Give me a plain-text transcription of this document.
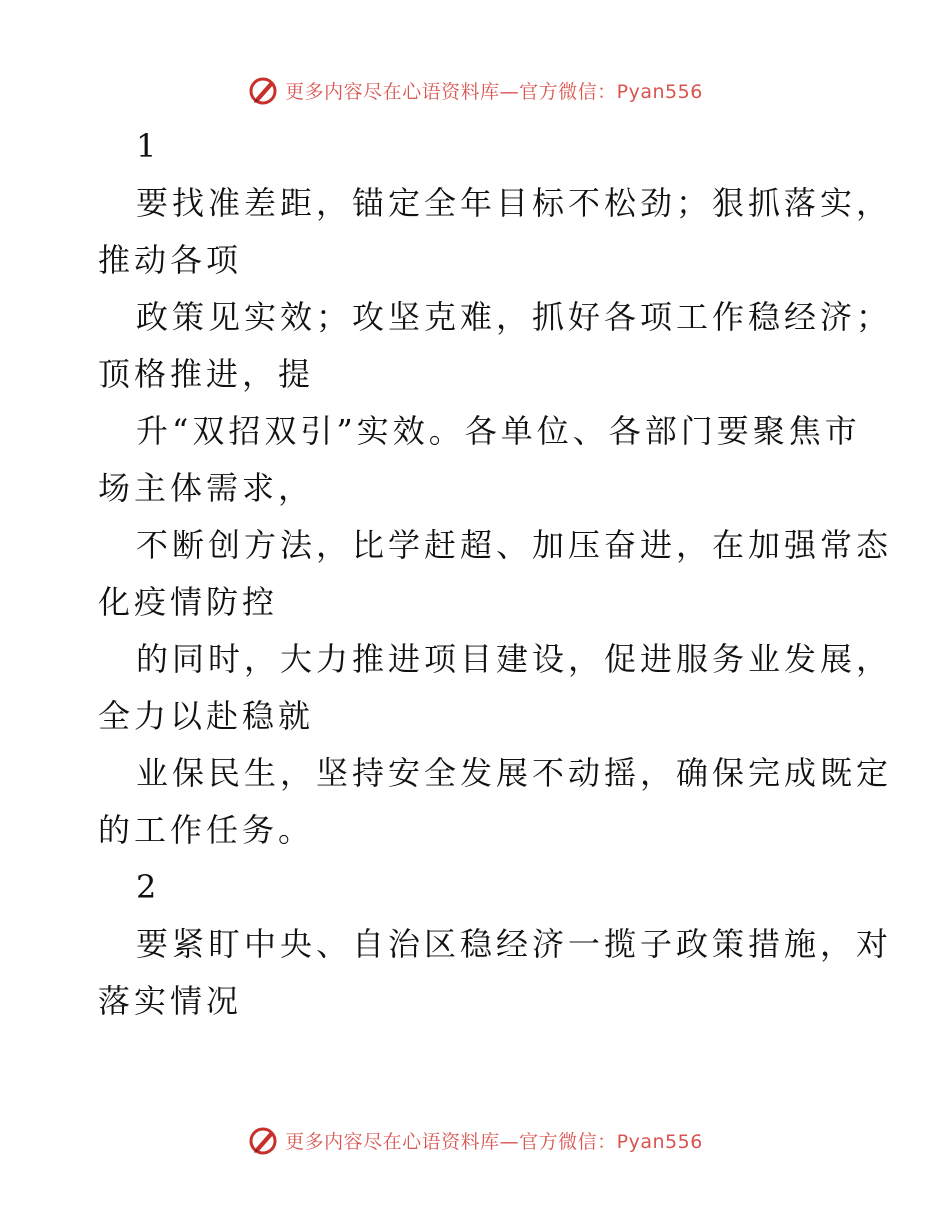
更多内容尽在心语资料库—官方微信：Pyan556
1
要找准差距，锚定全年目标不松劲；狠抓落实，
推动各项
政策见实效；攻坚克难，抓好各项工作稳经济；
顶格推进，提
升“双招双引”实效。各单位、各部门要聚焦市
场主体需求，
不断创方法，比学赶超、加压奋进，在加强常态
化疫情防控
的同时，大力推进项目建设，促进服务业发展，
全力以赴稳就
业保民生，坚持安全发展不动摇，确保完成既定
的工作任务。
2
要紧盯中央、自治区稳经济一揽子政策措施，对
落实情况
更多内容尽在心语资料库—官方微信：Pyan556
